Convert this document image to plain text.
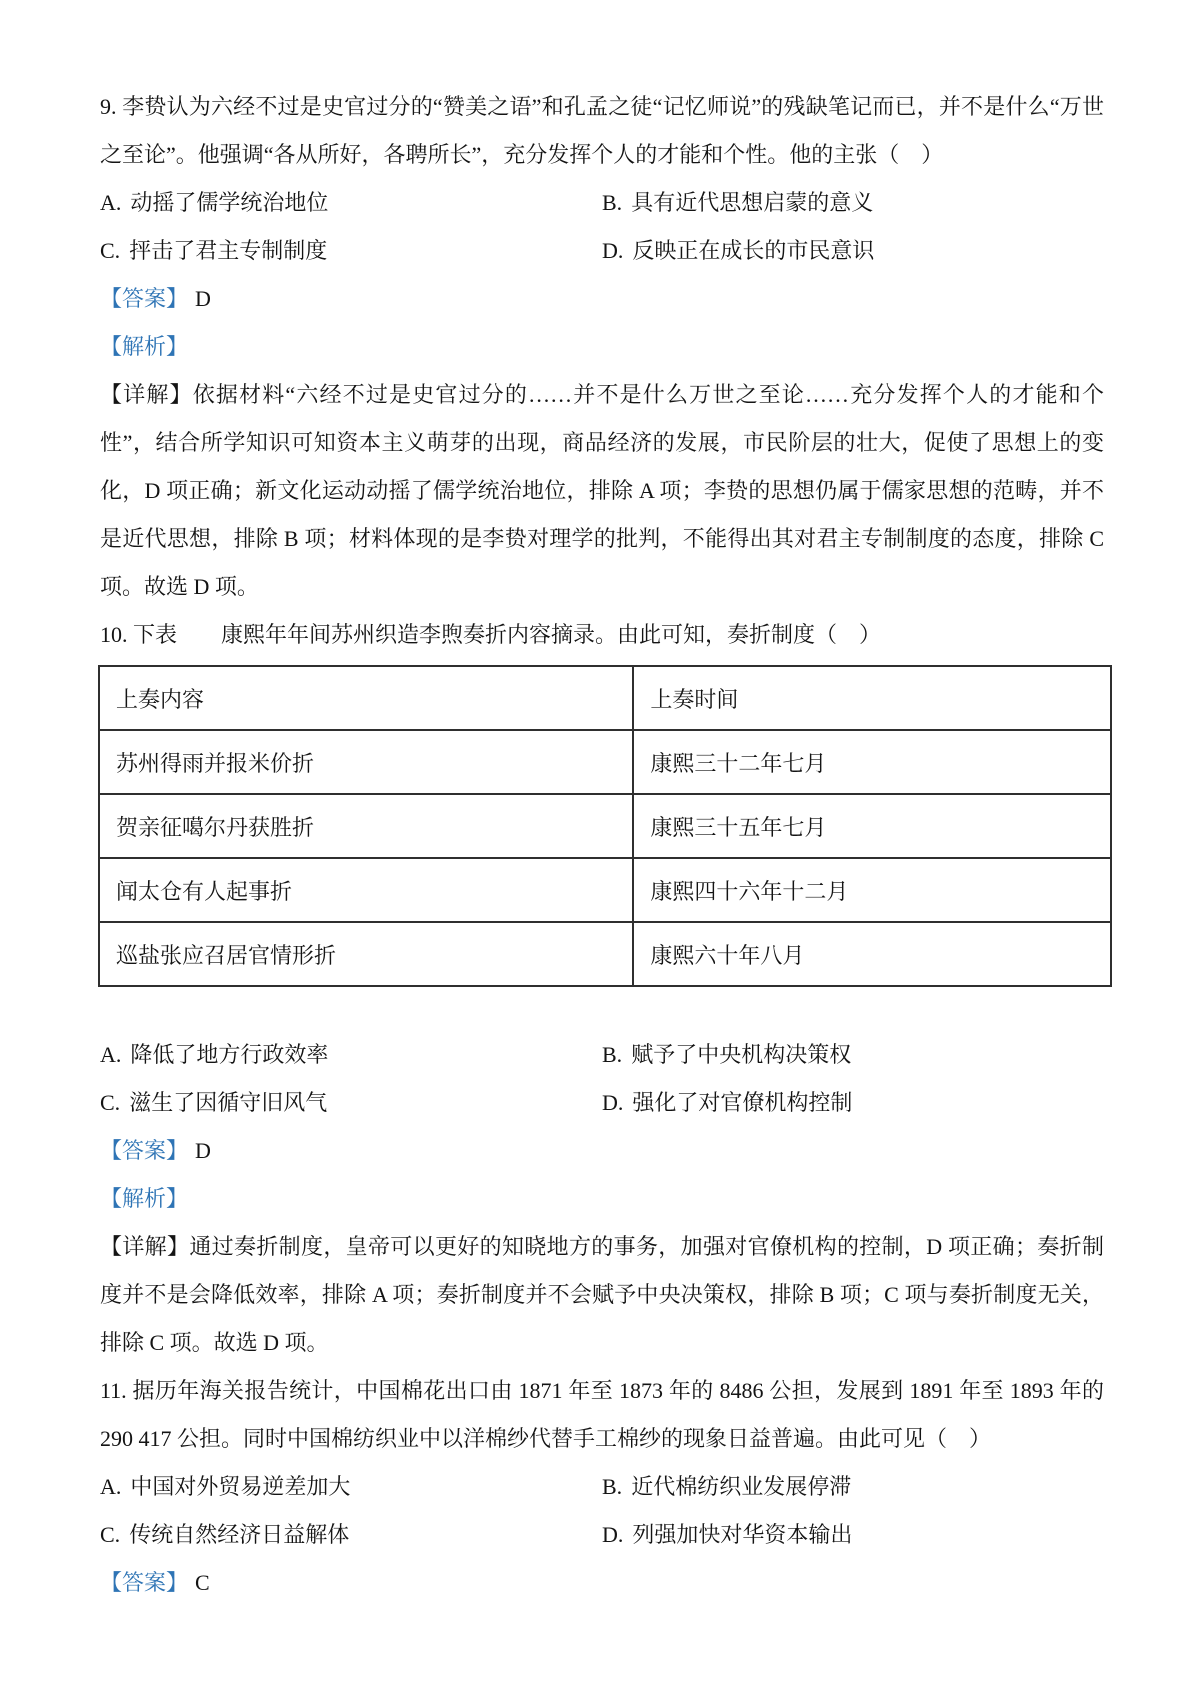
9. 李贽认为六经不过是史官过分的“赞美之语”和孔孟之徒“记忆师说”的残缺笔记而已，并不是什么“万世之至论”。他强调“各从所好，各聘所长”，充分发挥个人的才能和个性。他的主张（　）

A. 动摇了儒学统治地位	B. 具有近代思想启蒙的意义
C. 抨击了君主专制制度	D. 反映正在成长的市民意识

【答案】 D

【解析】

【详解】依据材料“六经不过是史官过分的……并不是什么万世之至论……充分发挥个人的才能和个性”，结合所学知识可知资本主义萌芽的出现，商品经济的发展，市民阶层的壮大，促使了思想上的变化，D 项正确；新文化运动动摇了儒学统治地位，排除 A 项；李贽的思想仍属于儒家思想的范畴，并不是近代思想，排除 B 项；材料体现的是李贽对理学的批判，不能得出其对君主专制制度的态度，排除 C 项。故选 D 项。

10. 下表　　康熙年年间苏州织造李煦奏折内容摘录。由此可知，奏折制度（　）

上奏内容	上奏时间
苏州得雨并报米价折	康熙三十二年七月
贺亲征噶尔丹获胜折	康熙三十五年七月
闻太仓有人起事折	康熙四十六年十二月
巡盐张应召居官情形折	康熙六十年八月
A. 降低了地方行政效率	B. 赋予了中央机构决策权
C. 滋生了因循守旧风气	D. 强化了对官僚机构控制

【答案】 D

【解析】

【详解】通过奏折制度，皇帝可以更好的知晓地方的事务，加强对官僚机构的控制，D 项正确；奏折制度并不是会降低效率，排除 A 项；奏折制度并不会赋予中央决策权，排除 B 项；C 项与奏折制度无关，排除 C 项。故选 D 项。

11. 据历年海关报告统计，中国棉花出口由 1871 年至 1873 年的 8486 公担，发展到 1891 年至 1893 年的 290 417 公担。同时中国棉纺织业中以洋棉纱代替手工棉纱的现象日益普遍。由此可见（　）

A. 中国对外贸易逆差加大	B. 近代棉纺织业发展停滞
C. 传统自然经济日益解体	D. 列强加快对华资本输出

【答案】 C
